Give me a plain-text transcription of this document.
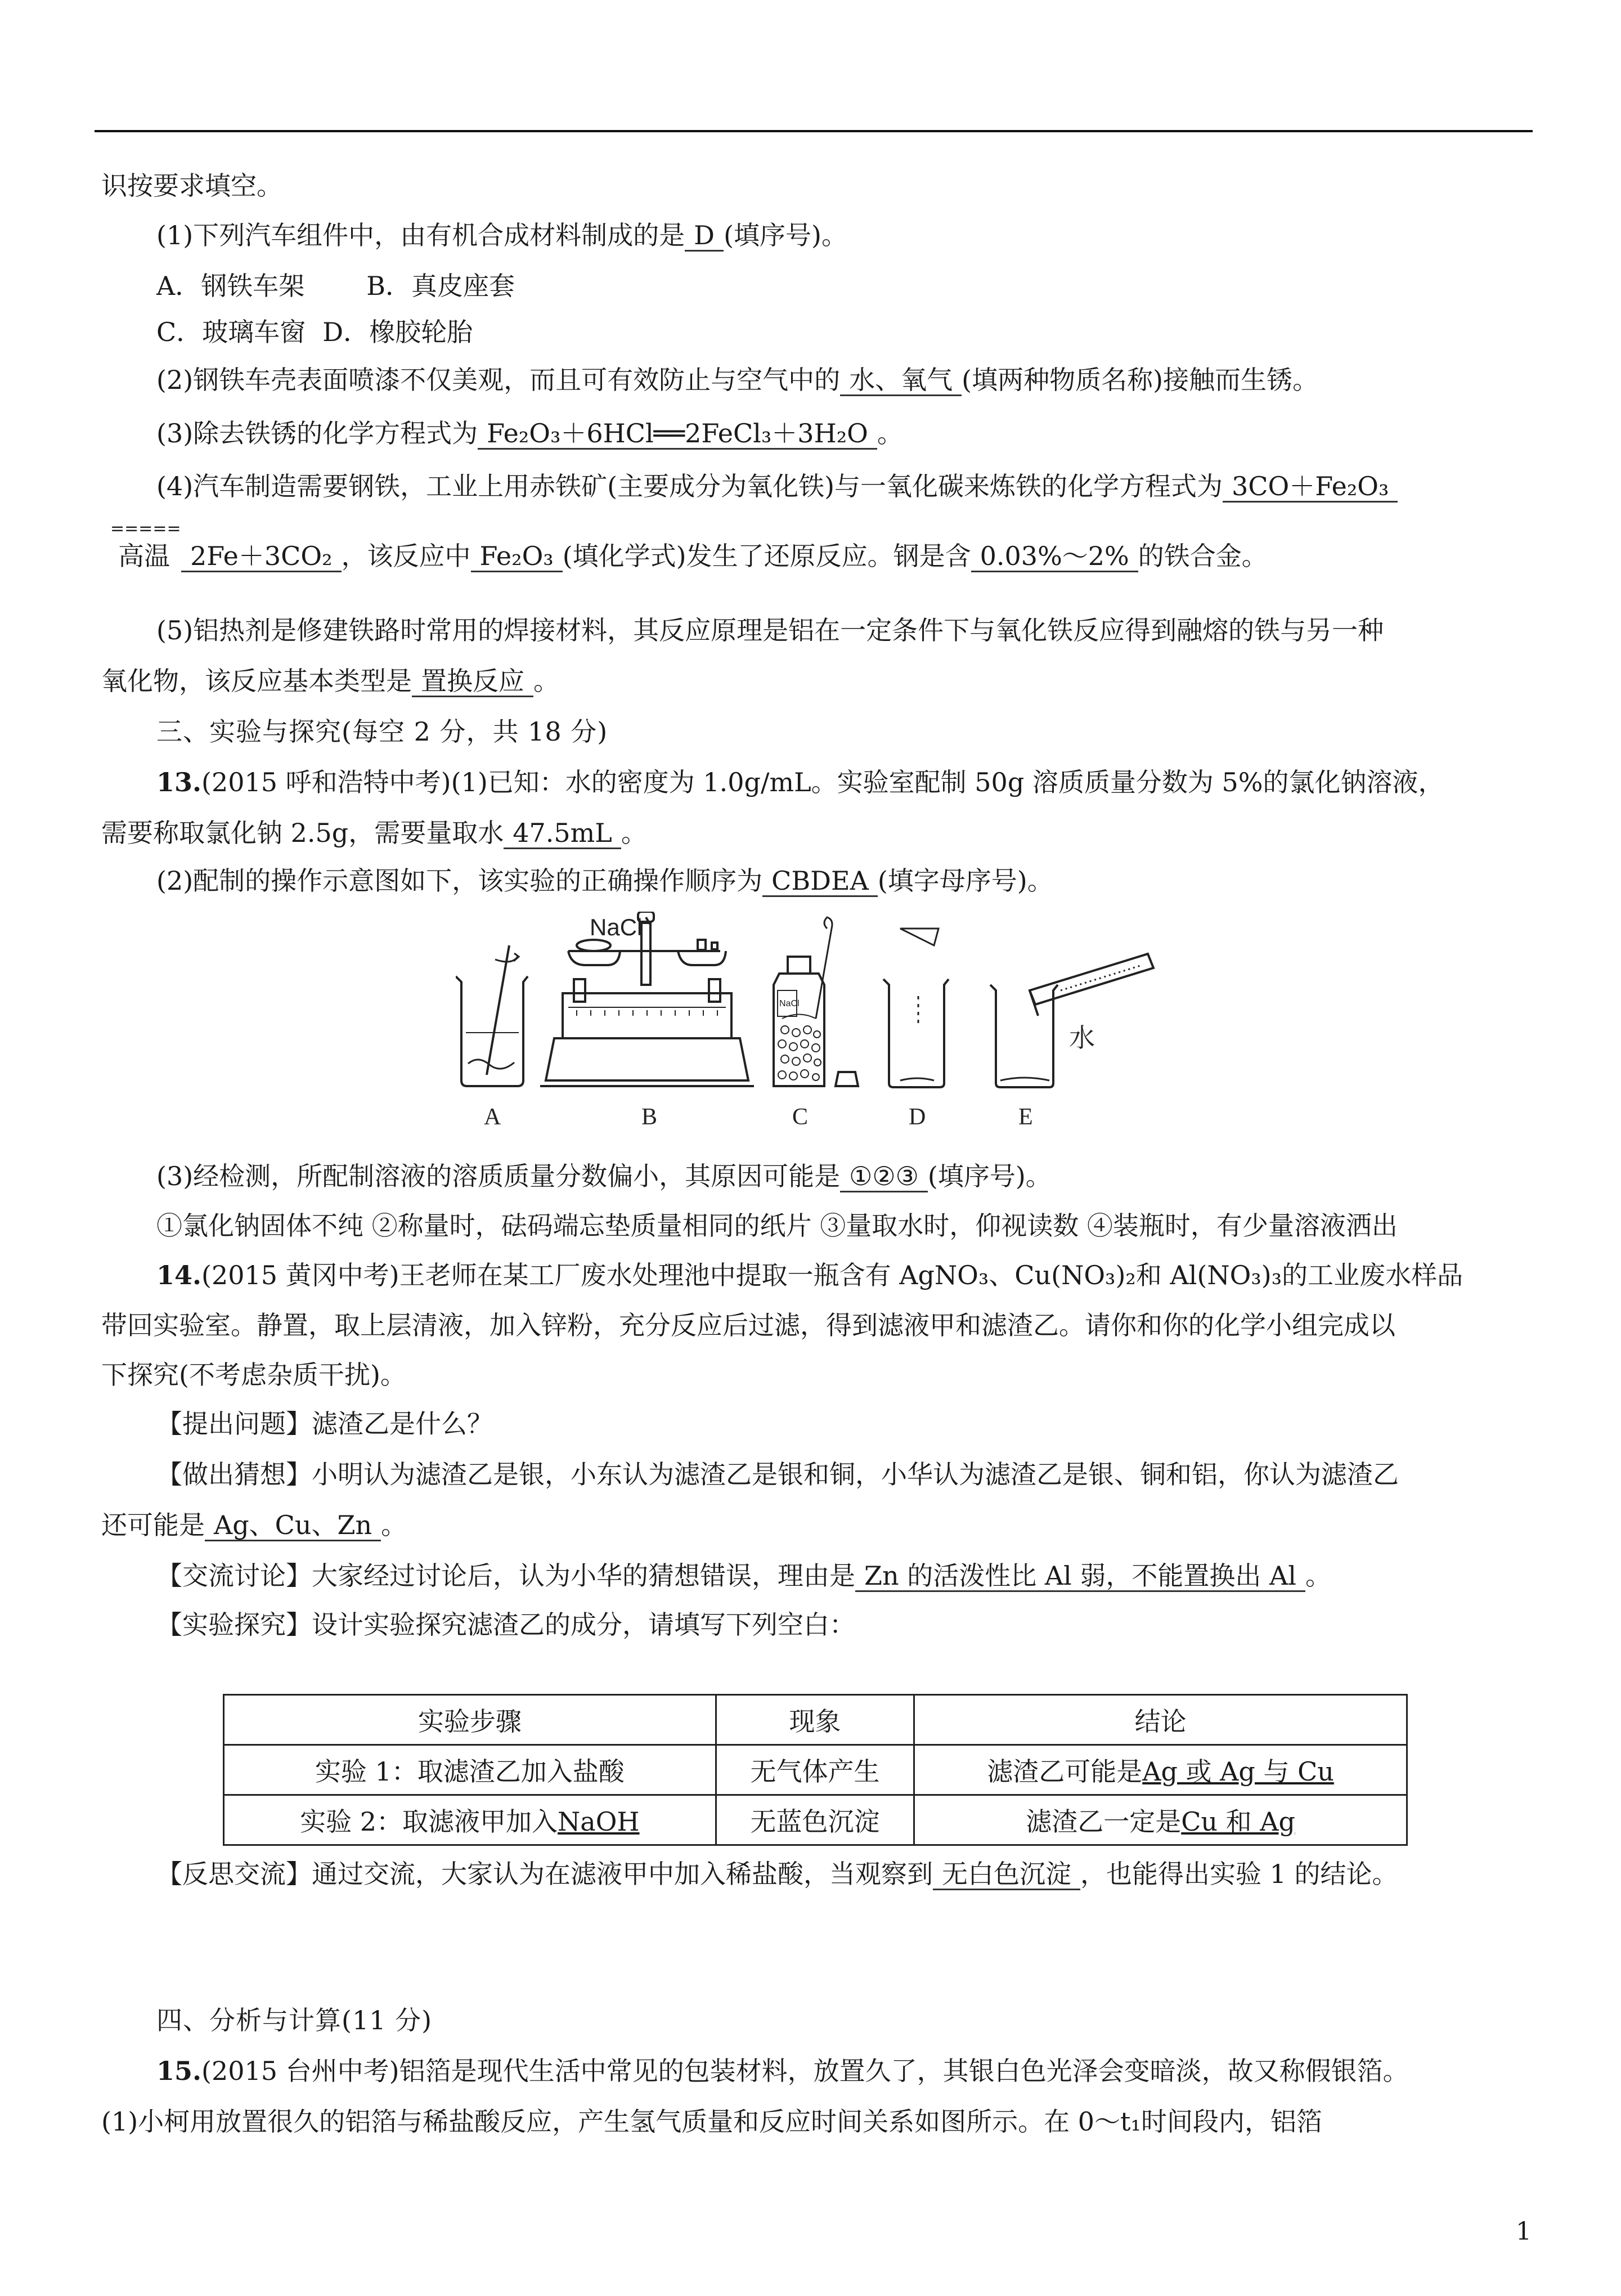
识按要求填空。
(1)下列汽车组件中，由有机合成材料制成的是 D (填序号)。
A．钢铁车架 B．真皮座套
C．玻璃车窗 D．橡胶轮胎
(2)钢铁车壳表面喷漆不仅美观，而且可有效防止与空气中的 水、氧气 (填两种物质名称)接触而生锈。
(3)除去铁锈的化学方程式为 Fe₂O₃＋6HCl══2FeCl₃＋3H₂O 。
(4)汽车制造需要钢铁，工业上用赤铁矿(主要成分为氧化铁)与一氧化碳来炼铁的化学方程式为 3CO＋Fe₂O₃
=====
高温 2Fe＋3CO₂ ，该反应中 Fe₂O₃ (填化学式)发生了还原反应。钢是含 0.03%～2% 的铁合金。
(5)铝热剂是修建铁路时常用的焊接材料，其反应原理是铝在一定条件下与氧化铁反应得到融熔的铁与另一种
氧化物，该反应基本类型是 置换反应 。
三、实验与探究(每空 2 分，共 18 分)
13.(2015 呼和浩特中考)(1)已知：水的密度为 1.0g/mL。实验室配制 50g 溶质质量分数为 5%的氯化钠溶液，
需要称取氯化钠 2.5g，需要量取水 47.5mL 。
(2)配制的操作示意图如下，该实验的正确操作顺序为 CBDEA (填字母序号)。
NaCl
NaCl
水
A	B	C	D	E
(3)经检测，所配制溶液的溶质质量分数偏小，其原因可能是 ①②③ (填序号)。
①氯化钠固体不纯 ②称量时，砝码端忘垫质量相同的纸片 ③量取水时，仰视读数 ④装瓶时，有少量溶液洒出
14.(2015 黄冈中考)王老师在某工厂废水处理池中提取一瓶含有 AgNO₃、Cu(NO₃)₂和 Al(NO₃)₃的工业废水样品
带回实验室。静置，取上层清液，加入锌粉，充分反应后过滤，得到滤液甲和滤渣乙。请你和你的化学小组完成以
下探究(不考虑杂质干扰)。
【提出问题】滤渣乙是什么？
【做出猜想】小明认为滤渣乙是银，小东认为滤渣乙是银和铜，小华认为滤渣乙是银、铜和铝，你认为滤渣乙
还可能是 Ag、Cu、Zn 。
【交流讨论】大家经过讨论后，认为小华的猜想错误，理由是 Zn 的活泼性比 Al 弱，不能置换出 Al 。
【实验探究】设计实验探究滤渣乙的成分，请填写下列空白：
实验步骤	现象	结论
实验 1：取滤渣乙加入盐酸	无气体产生	滤渣乙可能是Ag 或 Ag 与 Cu
实验 2：取滤液甲加入NaOH	无蓝色沉淀	滤渣乙一定是Cu 和 Ag
【反思交流】通过交流，大家认为在滤液甲中加入稀盐酸，当观察到 无白色沉淀 ，也能得出实验 1 的结论。
四、分析与计算(11 分)
15.(2015 台州中考)铝箔是现代生活中常见的包装材料，放置久了，其银白色光泽会变暗淡，故又称假银箔。
(1)小柯用放置很久的铝箔与稀盐酸反应，产生氢气质量和反应时间关系如图所示。在 0～t₁时间段内，铝箔
1
